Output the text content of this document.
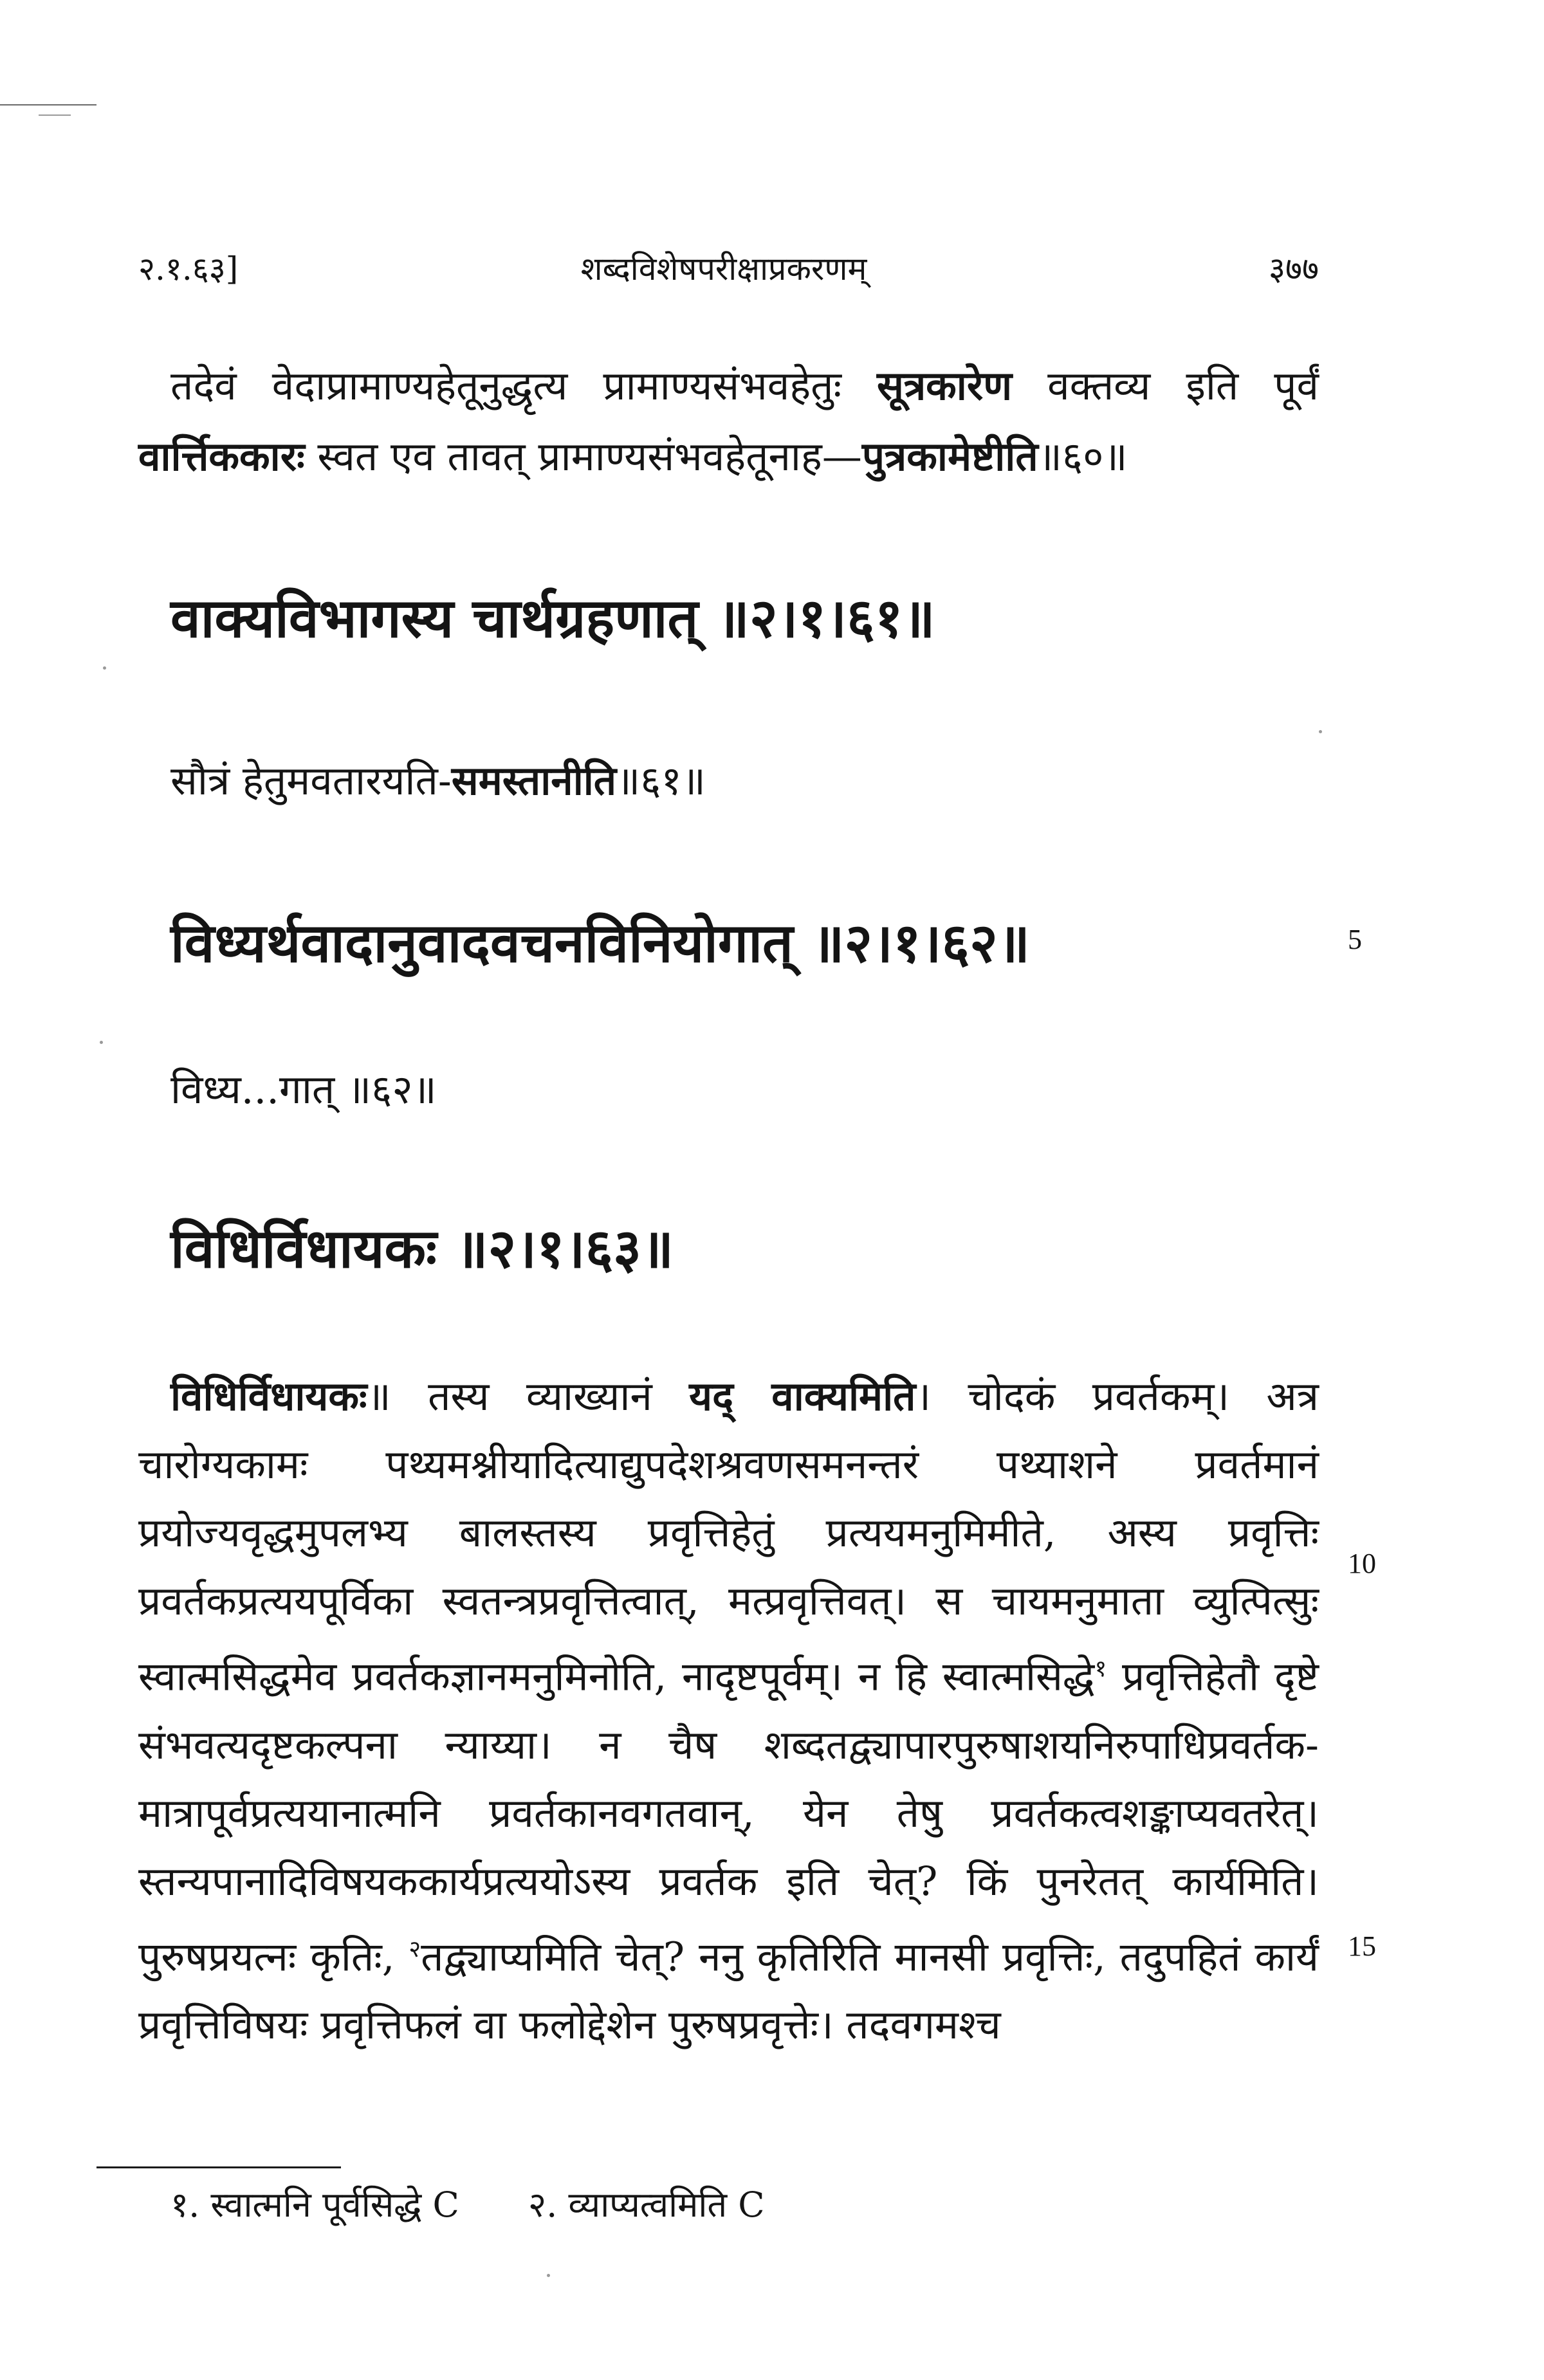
२.१.६३]	शब्दविशेषपरीक्षाप्रकरणम्	३७७

तदेवं वेदाप्रामाण्यहेतूनुद्धृत्य प्रामाण्यसंभवहेतुः सूत्रकारेण वक्तव्य इति पूर्वं वार्त्तिककारः स्वत एव तावत् प्रामाण्यसंभवहेतूनाह—पुत्रकामेष्टीति॥६०॥

वाक्यविभागस्य चार्थग्रहणात् ॥२।१।६१॥
सौत्रं हेतुमवतारयति-समस्तानीति॥६१॥
विध्यर्थवादानुवादवचनविनियोगात् ॥२।१।६२॥	5
विध्य...गात् ॥६२॥
विधिर्विधायकः ॥२।१।६३॥

विधिर्विधायकः॥ तस्य व्याख्यानं यद् वाक्यमिति। चोदकं प्रवर्तकम्। अत्र चारोग्यकामः पथ्यमश्नीयादित्याद्युपदेशश्रवणसमनन्तरं पथ्याशने प्रवर्तमानं प्रयोज्यवृद्धमुपलभ्य बालस्तस्य प्रवृत्तिहेतुं प्रत्ययमनुमिमीते, अस्य प्रवृत्तिः प्रवर्तकप्रत्ययपूर्विका स्वतन्त्रप्रवृत्तित्वात्, मत्प्रवृत्तिवत्। स चायमनुमाता व्युत्पित्सुः स्वात्मसिद्धमेव प्रवर्तकज्ञानमनुमिनोति, नादृष्टपूर्वम्। न हि स्वात्मसिद्धे$^१$ प्रवृत्तिहेतौ दृष्टे संभवत्यदृष्टकल्पना न्याय्या। न चैष शब्दतद्व्यापारपुरुषाशयनिरुपाधिप्रवर्तक-मात्रापूर्वप्रत्ययानात्मनि प्रवर्तकानवगतवान्, येन तेषु प्रवर्तकत्वशङ्काप्यवतरेत्। स्तन्यपानादिविषयककार्यप्रत्ययोऽस्य प्रवर्तक इति चेत्? किं पुनरेतत् कार्यमिति। पुरुषप्रयत्नः कृतिः, $^२$तद्व्याप्यमिति चेत्? ननु कृतिरिति मानसी प्रवृत्तिः, तदुपहितं कार्यं प्रवृत्तिविषयः प्रवृत्तिफलं वा फलोद्देशेन पुरुषप्रवृत्तेः। तदवगमश्च

10
15
१. स्वात्मनि पूर्वसिद्धे C २. व्याप्यत्वमिति C
